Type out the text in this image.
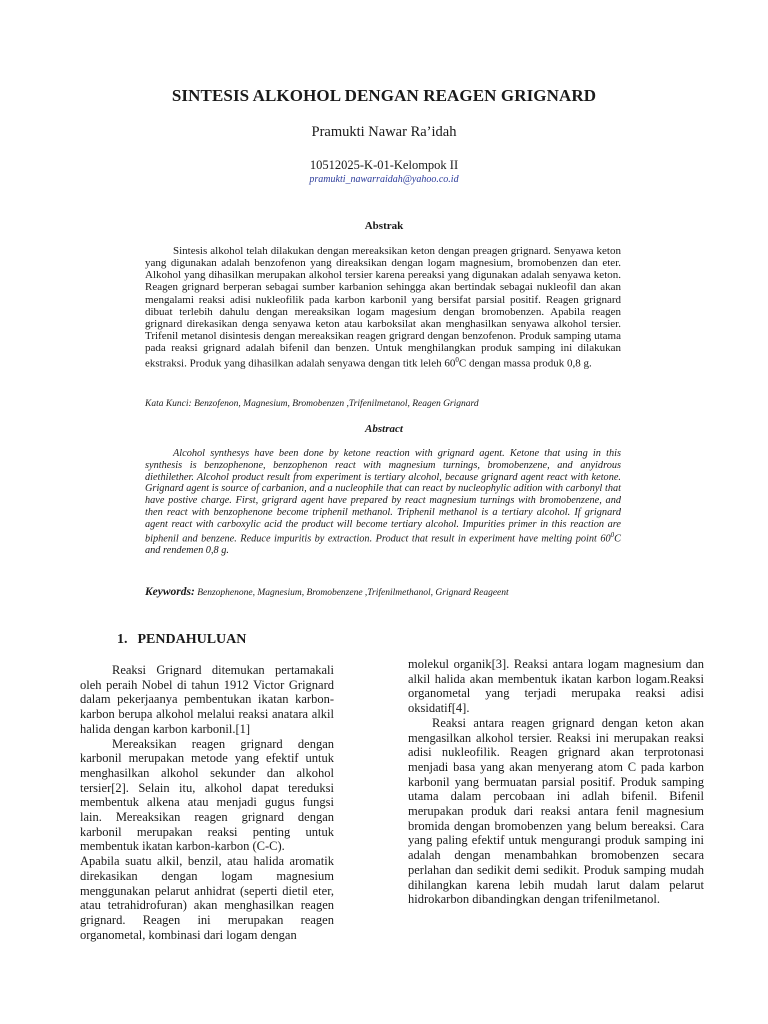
SINTESIS ALKOHOL DENGAN REAGEN GRIGNARD
Pramukti Nawar Ra’idah
10512025-K-01-Kelompok II
pramukti_nawarraidah@yahoo.co.id
Abstrak

Sintesis alkohol telah dilakukan dengan mereaksikan keton dengan preagen grignard. Senyawa keton yang digunakan adalah benzofenon yang direaksikan dengan logam magnesium, bromobenzen dan eter. Alkohol yang dihasilkan merupakan alkohol tersier karena pereaksi yang digunakan adalah senyawa keton. Reagen grignard berperan sebagai sumber karbanion sehingga akan bertindak sebagai nukleofil dan akan mengalami reaksi adisi nukleofilik pada karbon karbonil yang bersifat parsial positif. Reagen grignard dibuat terlebih dahulu dengan mereaksikan logam magesium dengan bromobenzen. Apabila reagen grignard direkasikan denga senyawa keton atau karboksilat akan menghasilkan senyawa alkohol tersier. Trifenil metanol disintesis dengan mereaksikan reagen grigrard dengan benzofenon. Produk samping utama pada reaksi grignard adalah bifenil dan benzen. Untuk menghilangkan produk samping ini dilakukan ekstraksi. Produk yang dihasilkan adalah senyawa dengan titk leleh $60^0C$ dengan massa produk 0,8 g.

Kata Kunci: Benzofenon, Magnesium, Bromobenzen ,Trifenilmetanol, Reagen Grignard
Abstract

Alcohol synthesys have been done by ketone reaction with grignard agent. Ketone that using in this synthesis is benzophenone, benzophenon react with magnesium turnings, bromobenzene, and anyidrous diethilether. Alcohol product result from experiment is tertiary alcohol, because grignard agent react with ketone. Grignard agent is source of carbanion, and a nucleophile that can react by nucleophylic adition with carbonyl that have postive charge. First, grigrard agent have prepared by react magnesium turnings with bromobenzene, and then react with benzophenone become triphenil methanol. Triphenil methanol is a tertiary alcohol. If grignard agent react with carboxylic acid the product will become tertiary alcohol. Impurities primer in this reaction are biphenil and benzene. Reduce impuritis by extraction. Product that result in experiment have melting point $60^0C$ and rendemen 0,8 g.

Keywords: Benzophenone, Magnesium, Bromobenzene ,Trifenilmethanol, Grignard Reageent
1. PENDAHULUAN

Reaksi Grignard ditemukan pertamakali oleh peraih Nobel di tahun 1912 Victor Grignard dalam pekerjaanya pembentukan ikatan karbon-karbon berupa alkohol melalui reaksi anatara alkil halida dengan karbon karbonil.[1]

Mereaksikan reagen grignard dengan karbonil merupakan metode yang efektif untuk menghasilkan alkohol sekunder dan alkohol tersier[2]. Selain itu, alkohol dapat tereduksi membentuk alkena atau menjadi gugus fungsi lain. Mereaksikan reagen grignard dengan karbonil merupakan reaksi penting untuk membentuk ikatan karbon-karbon (C-C).

Apabila suatu alkil, benzil, atau halida aromatik direkasikan dengan logam magnesium menggunakan pelarut anhidrat (seperti dietil eter, atau tetrahidrofuran) akan menghasilkan reagen grignard. Reagen ini merupakan reagen organometal, kombinasi dari logam dengan

molekul organik[3]. Reaksi antara logam magnesium dan alkil halida akan membentuk ikatan karbon logam.Reaksi organometal yang terjadi merupaka reaksi adisi oksidatif[4].

Reaksi antara reagen grignard dengan keton akan mengasilkan alkohol tersier. Reaksi ini merupakan reaksi adisi nukleofilik. Reagen grignard akan terprotonasi menjadi basa yang akan menyerang atom C pada karbon karbonil yang bermuatan parsial positif. Produk samping utama dalam percobaan ini adlah bifenil. Bifenil merupakan produk dari reaksi antara fenil magnesium bromida dengan bromobenzen yang belum bereaksi. Cara yang paling efektif untuk mengurangi produk samping ini adalah dengan menambahkan bromobenzen secara perlahan dan sedikit demi sedikit. Produk samping mudah dihilangkan karena lebih mudah larut dalam pelarut hidrokarbon dibandingkan dengan trifenilmetanol.
